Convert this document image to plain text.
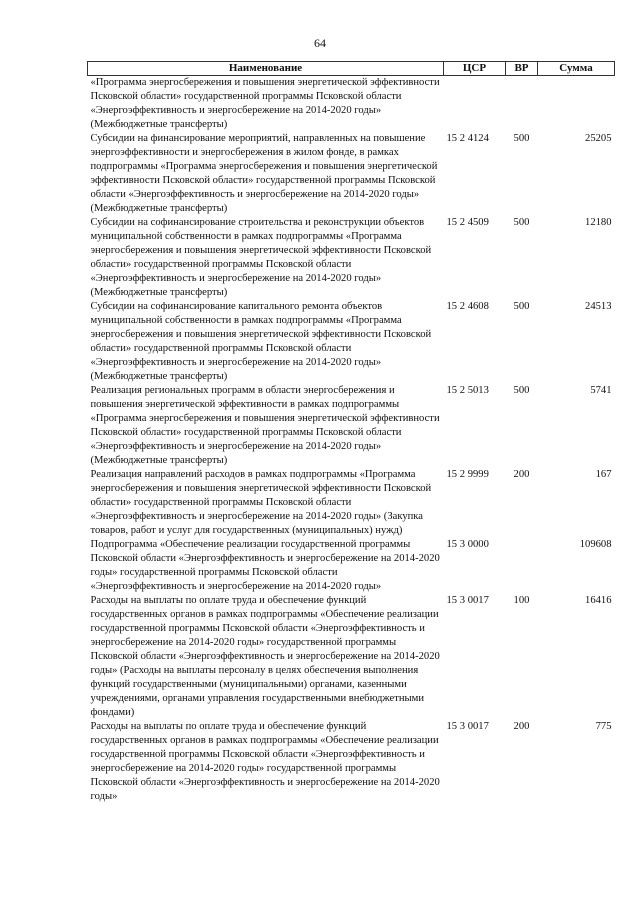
64
Наименование	ЦСР	ВР	Сумма
«Программа энергосбережения и повышения энергетической эффективности Псковской области» государственной программы Псковской области «Энергоэффективность и энергосбережение на 2014-2020 годы» (Межбюджетные трансферты)			
Субсидии на финансирование мероприятий, направленных на повышение энергоэффективности и энергосбережения в жилом фонде, в рамках подпрограммы «Программа энергосбережения и повышения энергетической эффективности Псковской области» государственной программы Псковской области «Энергоэффективность и энергосбережение на 2014-2020 годы» (Межбюджетные трансферты)	15 2 4124	500	25205
Субсидии на софинансирование строительства и реконструкции объектов муниципальной собственности в рамках подпрограммы «Программа энергосбережения и повышения энергетической эффективности Псковской области» государственной программы Псковской области «Энергоэффективность и энергосбережение на 2014-2020 годы» (Межбюджетные трансферты)	15 2 4509	500	12180
Субсидии на софинансирование капитального ремонта объектов муниципальной собственности в рамках подпрограммы «Программа энергосбережения и повышения энергетической эффективности Псковской области» государственной программы Псковской области «Энергоэффективность и энергосбережение на 2014-2020 годы» (Межбюджетные трансферты)	15 2 4608	500	24513
Реализация региональных программ в области энергосбережения и повышения энергетической эффективности в рамках подпрограммы «Программа энергосбережения и повышения энергетической эффективности Псковской области» государственной программы Псковской области «Энергоэффективность и энергосбережение на 2014-2020 годы» (Межбюджетные трансферты)	15 2 5013	500	5741
Реализация направлений расходов в рамках подпрограммы «Программа энергосбережения и повышения энергетической эффективности Псковской области» государственной программы Псковской области «Энергоэффективность и энергосбережение на 2014-2020 годы» (Закупка товаров, работ и услуг для государственных (муниципальных) нужд)	15 2 9999	200	167
Подпрограмма «Обеспечение реализации государственной программы Псковской области «Энергоэффективность и энергосбережение на 2014-2020 годы» государственной программы Псковской области «Энергоэффективность и энергосбережение на 2014-2020 годы»	15 3 0000		109608
Расходы на выплаты по оплате труда и обеспечение функций государственных органов в рамках подпрограммы «Обеспечение реализации государственной программы Псковской области «Энергоэффективность и энергосбережение на 2014-2020 годы» государственной программы Псковской области «Энергоэффективность и энергосбережение на 2014-2020 годы» (Расходы на выплаты персоналу в целях обеспечения выполнения функций государственными (муниципальными) органами, казенными учреждениями, органами управления государственными внебюджетными фондами)	15 3 0017	100	16416
Расходы на выплаты по оплате труда и обеспечение функций государственных органов в рамках подпрограммы «Обеспечение реализации государственной программы Псковской области «Энергоэффективность и энергосбережение на 2014-2020 годы» государственной программы Псковской области «Энергоэффективность и энергосбережение на 2014-2020 годы»	15 3 0017	200	775
